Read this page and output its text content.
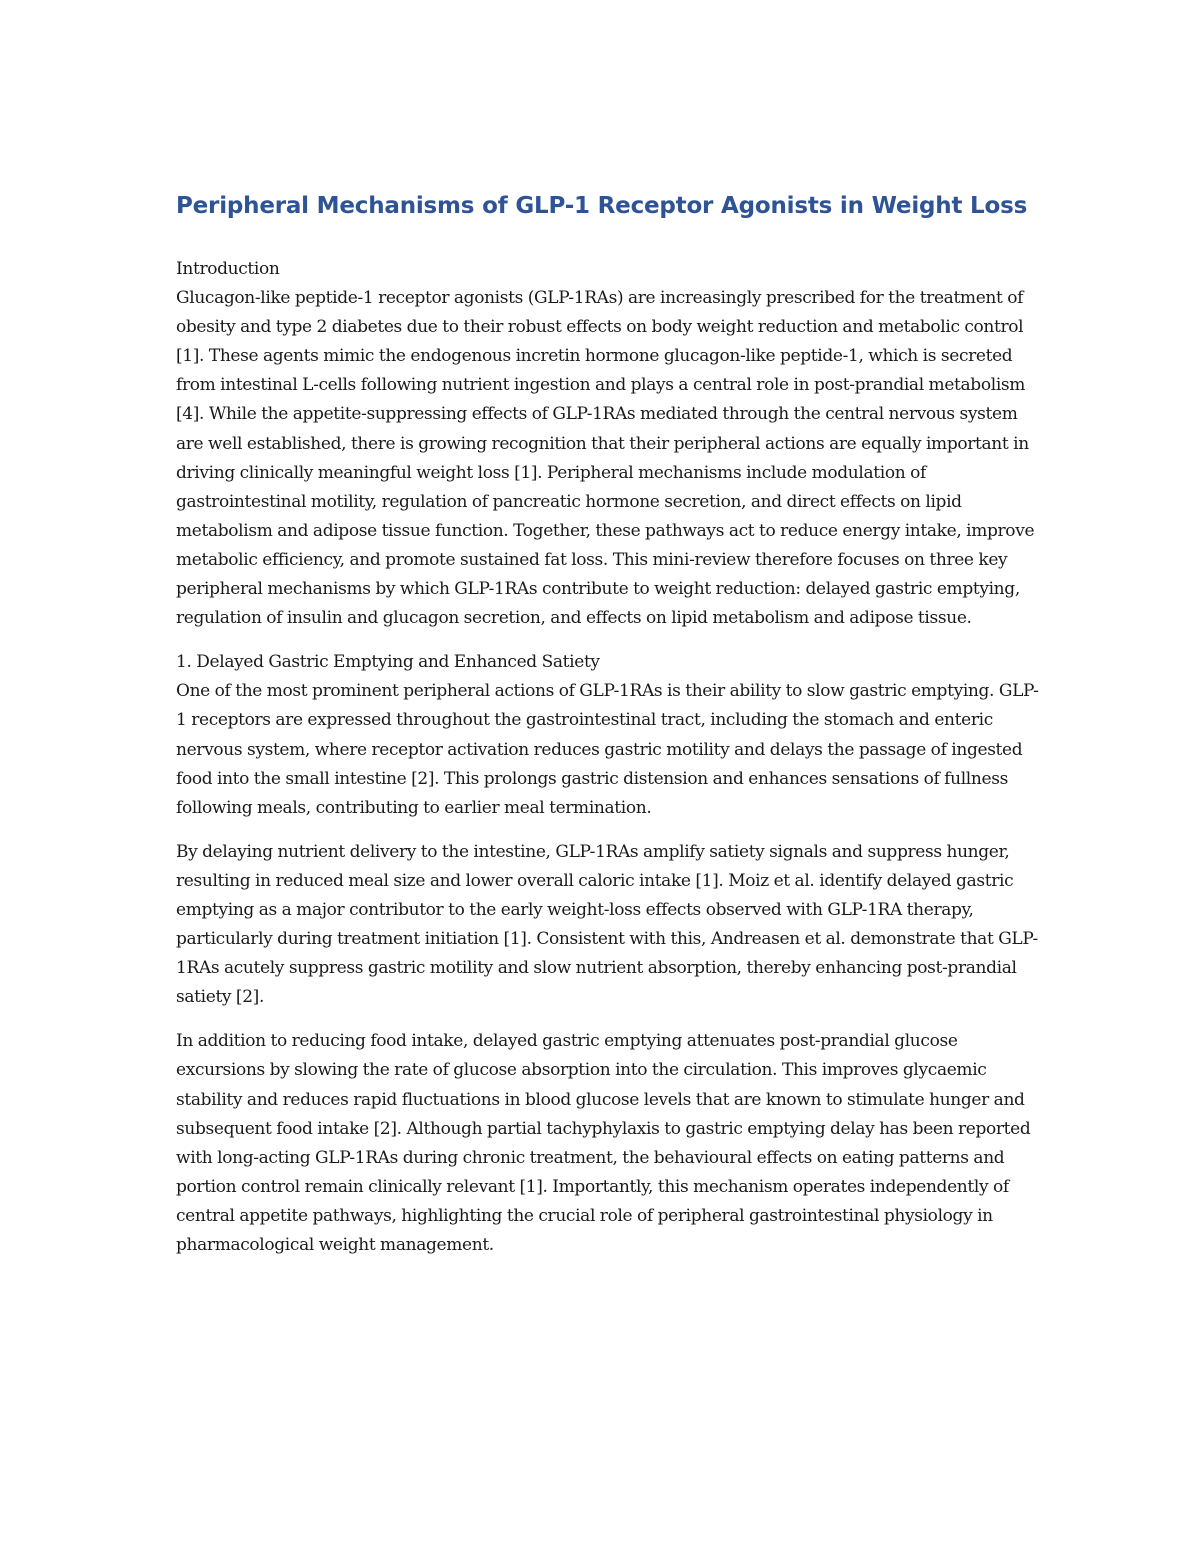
Peripheral Mechanisms of GLP-1 Receptor Agonists in Weight Loss

Introduction
Glucagon-like peptide-1 receptor agonists (GLP-1RAs) are increasingly prescribed for the treatment of obesity and type 2 diabetes due to their robust effects on body weight reduction and metabolic control [1]. These agents mimic the endogenous incretin hormone glucagon-like peptide-1, which is secreted from intestinal L-cells following nutrient ingestion and plays a central role in post-prandial metabolism [4]. While the appetite-suppressing effects of GLP-1RAs mediated through the central nervous system are well established, there is growing recognition that their peripheral actions are equally important in driving clinically meaningful weight loss [1]. Peripheral mechanisms include modulation of gastrointestinal motility, regulation of pancreatic hormone secretion, and direct effects on lipid metabolism and adipose tissue function. Together, these pathways act to reduce energy intake, improve metabolic efficiency, and promote sustained fat loss. This mini-review therefore focuses on three key peripheral mechanisms by which GLP-1RAs contribute to weight reduction: delayed gastric emptying, regulation of insulin and glucagon secretion, and effects on lipid metabolism and adipose tissue.

1. Delayed Gastric Emptying and Enhanced Satiety
One of the most prominent peripheral actions of GLP-1RAs is their ability to slow gastric emptying. GLP-1 receptors are expressed throughout the gastrointestinal tract, including the stomach and enteric nervous system, where receptor activation reduces gastric motility and delays the passage of ingested food into the small intestine [2]. This prolongs gastric distension and enhances sensations of fullness following meals, contributing to earlier meal termination.

By delaying nutrient delivery to the intestine, GLP-1RAs amplify satiety signals and suppress hunger, resulting in reduced meal size and lower overall caloric intake [1]. Moiz et al. identify delayed gastric emptying as a major contributor to the early weight-loss effects observed with GLP-1RA therapy, particularly during treatment initiation [1]. Consistent with this, Andreasen et al. demonstrate that GLP-1RAs acutely suppress gastric motility and slow nutrient absorption, thereby enhancing post-prandial satiety [2].

In addition to reducing food intake, delayed gastric emptying attenuates post-prandial glucose excursions by slowing the rate of glucose absorption into the circulation. This improves glycaemic stability and reduces rapid fluctuations in blood glucose levels that are known to stimulate hunger and subsequent food intake [2]. Although partial tachyphylaxis to gastric emptying delay has been reported with long-acting GLP-1RAs during chronic treatment, the behavioural effects on eating patterns and portion control remain clinically relevant [1]. Importantly, this mechanism operates independently of central appetite pathways, highlighting the crucial role of peripheral gastrointestinal physiology in pharmacological weight management.
